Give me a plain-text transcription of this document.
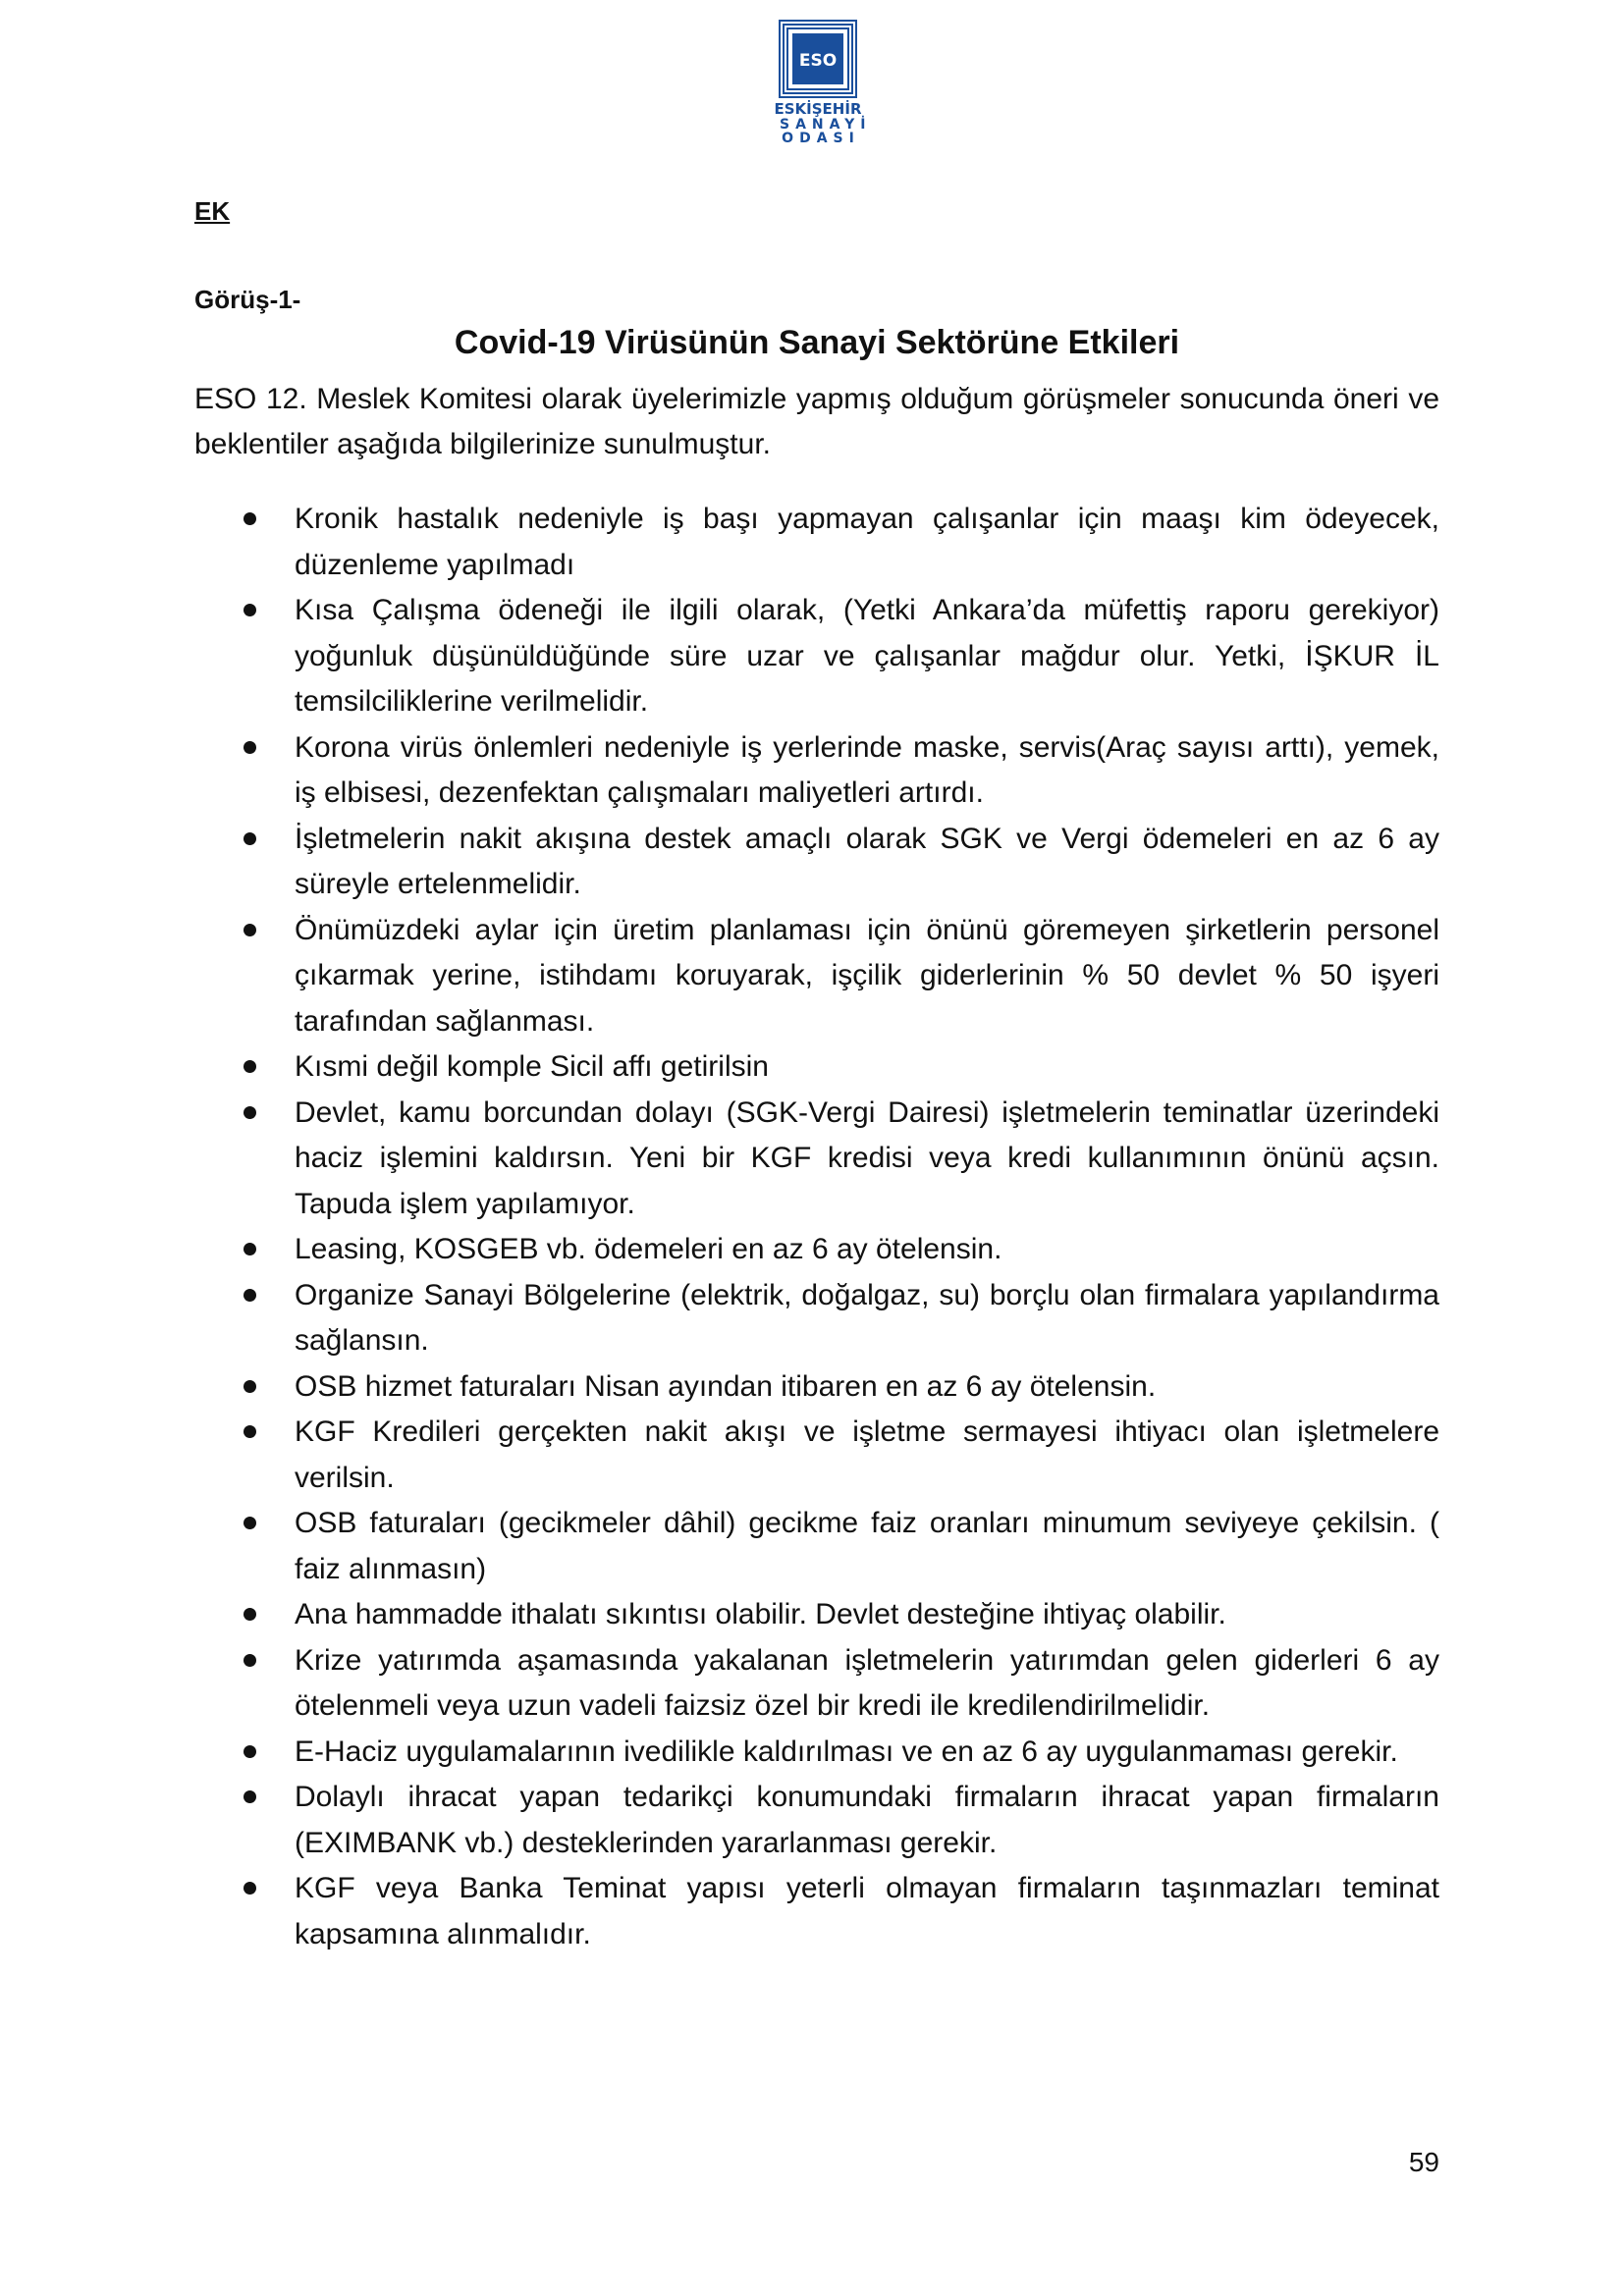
ESO
ESKİŞEHİR
SANAYİ
ODASI
EK
Görüş-1-
Covid-19 Virüsünün Sanayi Sektörüne Etkileri

ESO 12. Meslek Komitesi olarak üyelerimizle yapmış olduğum görüşmeler sonucunda öneri ve beklentiler aşağıda bilgilerinize sunulmuştur.

Kronik hastalık nedeniyle iş başı yapmayan çalışanlar için maaşı kim ödeyecek, düzenleme yapılmadı
Kısa Çalışma ödeneği ile ilgili olarak, (Yetki Ankara’da müfettiş raporu gerekiyor) yoğunluk düşünüldüğünde süre uzar ve çalışanlar mağdur olur. Yetki, İŞKUR İL temsilciliklerine verilmelidir.
Korona virüs önlemleri nedeniyle iş yerlerinde maske, servis(Araç sayısı arttı), yemek, iş elbisesi, dezenfektan çalışmaları maliyetleri artırdı.
İşletmelerin nakit akışına destek amaçlı olarak SGK ve Vergi ödemeleri en az 6 ay süreyle ertelenmelidir.
Önümüzdeki aylar için üretim planlaması için önünü göremeyen şirketlerin personel çıkarmak yerine, istihdamı koruyarak, işçilik giderlerinin % 50 devlet % 50 işyeri tarafından sağlanması.
Kısmi değil komple Sicil affı getirilsin
Devlet, kamu borcundan dolayı (SGK-Vergi Dairesi) işletmelerin teminatlar üzerindeki haciz işlemini kaldırsın. Yeni bir KGF kredisi veya kredi kullanımının önünü açsın. Tapuda işlem yapılamıyor.
Leasing, KOSGEB vb. ödemeleri en az 6 ay ötelensin.
Organize Sanayi Bölgelerine (elektrik, doğalgaz, su) borçlu olan firmalara yapılandırma sağlansın.
OSB hizmet faturaları Nisan ayından itibaren en az 6 ay ötelensin.
KGF Kredileri gerçekten nakit akışı ve işletme sermayesi ihtiyacı olan işletmelere verilsin.
OSB faturaları (gecikmeler dâhil) gecikme faiz oranları minumum seviyeye çekilsin. ( faiz alınmasın)
Ana hammadde ithalatı sıkıntısı olabilir. Devlet desteğine ihtiyaç olabilir.
Krize yatırımda aşamasında yakalanan işletmelerin yatırımdan gelen giderleri 6 ay ötelenmeli veya uzun vadeli faizsiz özel bir kredi ile kredilendirilmelidir.
E-Haciz uygulamalarının ivedilikle kaldırılması ve en az 6 ay uygulanmaması gerekir.
Dolaylı ihracat yapan tedarikçi konumundaki firmaların ihracat yapan firmaların (EXIMBANK vb.) desteklerinden yararlanması gerekir.
KGF veya Banka Teminat yapısı yeterli olmayan firmaların taşınmazları teminat kapsamına alınmalıdır.
59
